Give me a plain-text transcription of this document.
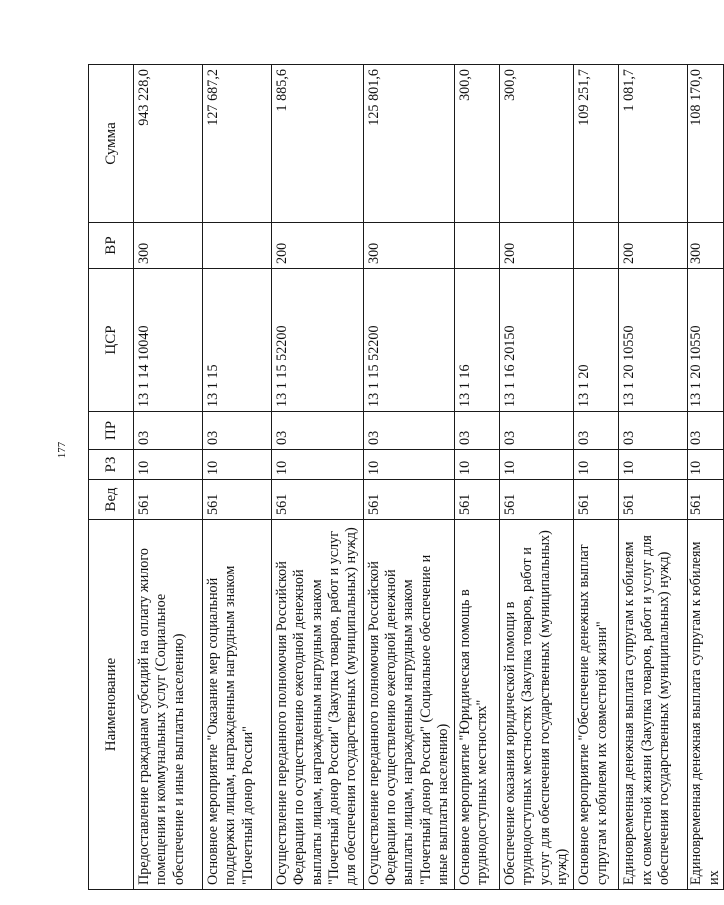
177
Наименование	Вед	РЗ	ПР	ЦСР	ВР	Сумма
Предоставление гражданам субсидий на оплату жилого помещения и коммунальных услуг (Социальное обеспечение и иные выплаты населению)	561	10	03	13 1 14 10040	300	943 228,0
Основное мероприятие "Оказание мер социальной поддержки лицам, награжденным нагрудным знаком "Почетный донор России"	561	10	03	13 1 15		127 687,2
Осуществление переданного полномочия Российской Федерации по осуществлению ежегодной денежной выплаты лицам, награжденным нагрудным знаком "Почетный донор России" (Закупка товаров, работ и услуг для обеспечения государственных (муниципальных) нужд)	561	10	03	13 1 15 52200	200	1 885,6
Осуществление переданного полномочия Российской Федерации по осуществлению ежегодной денежной выплаты лицам, награжденным нагрудным знаком "Почетный донор России" (Социальное обеспечение и иные выплаты населению)	561	10	03	13 1 15 52200	300	125 801,6
Основное мероприятие "Юридическая помощь в труднодоступных местностях"	561	10	03	13 1 16		300,0
Обеспечение оказания юридической помощи в труднодоступных местностях (Закупка товаров, работ и услуг для обеспечения государственных (муниципальных) нужд)	561	10	03	13 1 16 20150	200	300,0
Основное мероприятие "Обеспечение денежных выплат супругам к юбилеям их совместной жизни"	561	10	03	13 1 20		109 251,7
Единовременная денежная выплата супругам к юбилеям их совместной жизни (Закупка товаров, работ и услуг для обеспечения государственных (муниципальных) нужд)	561	10	03	13 1 20 10550	200	1 081,7
Единовременная денежная выплата супругам к юбилеям их	561	10	03	13 1 20 10550	300	108 170,0
